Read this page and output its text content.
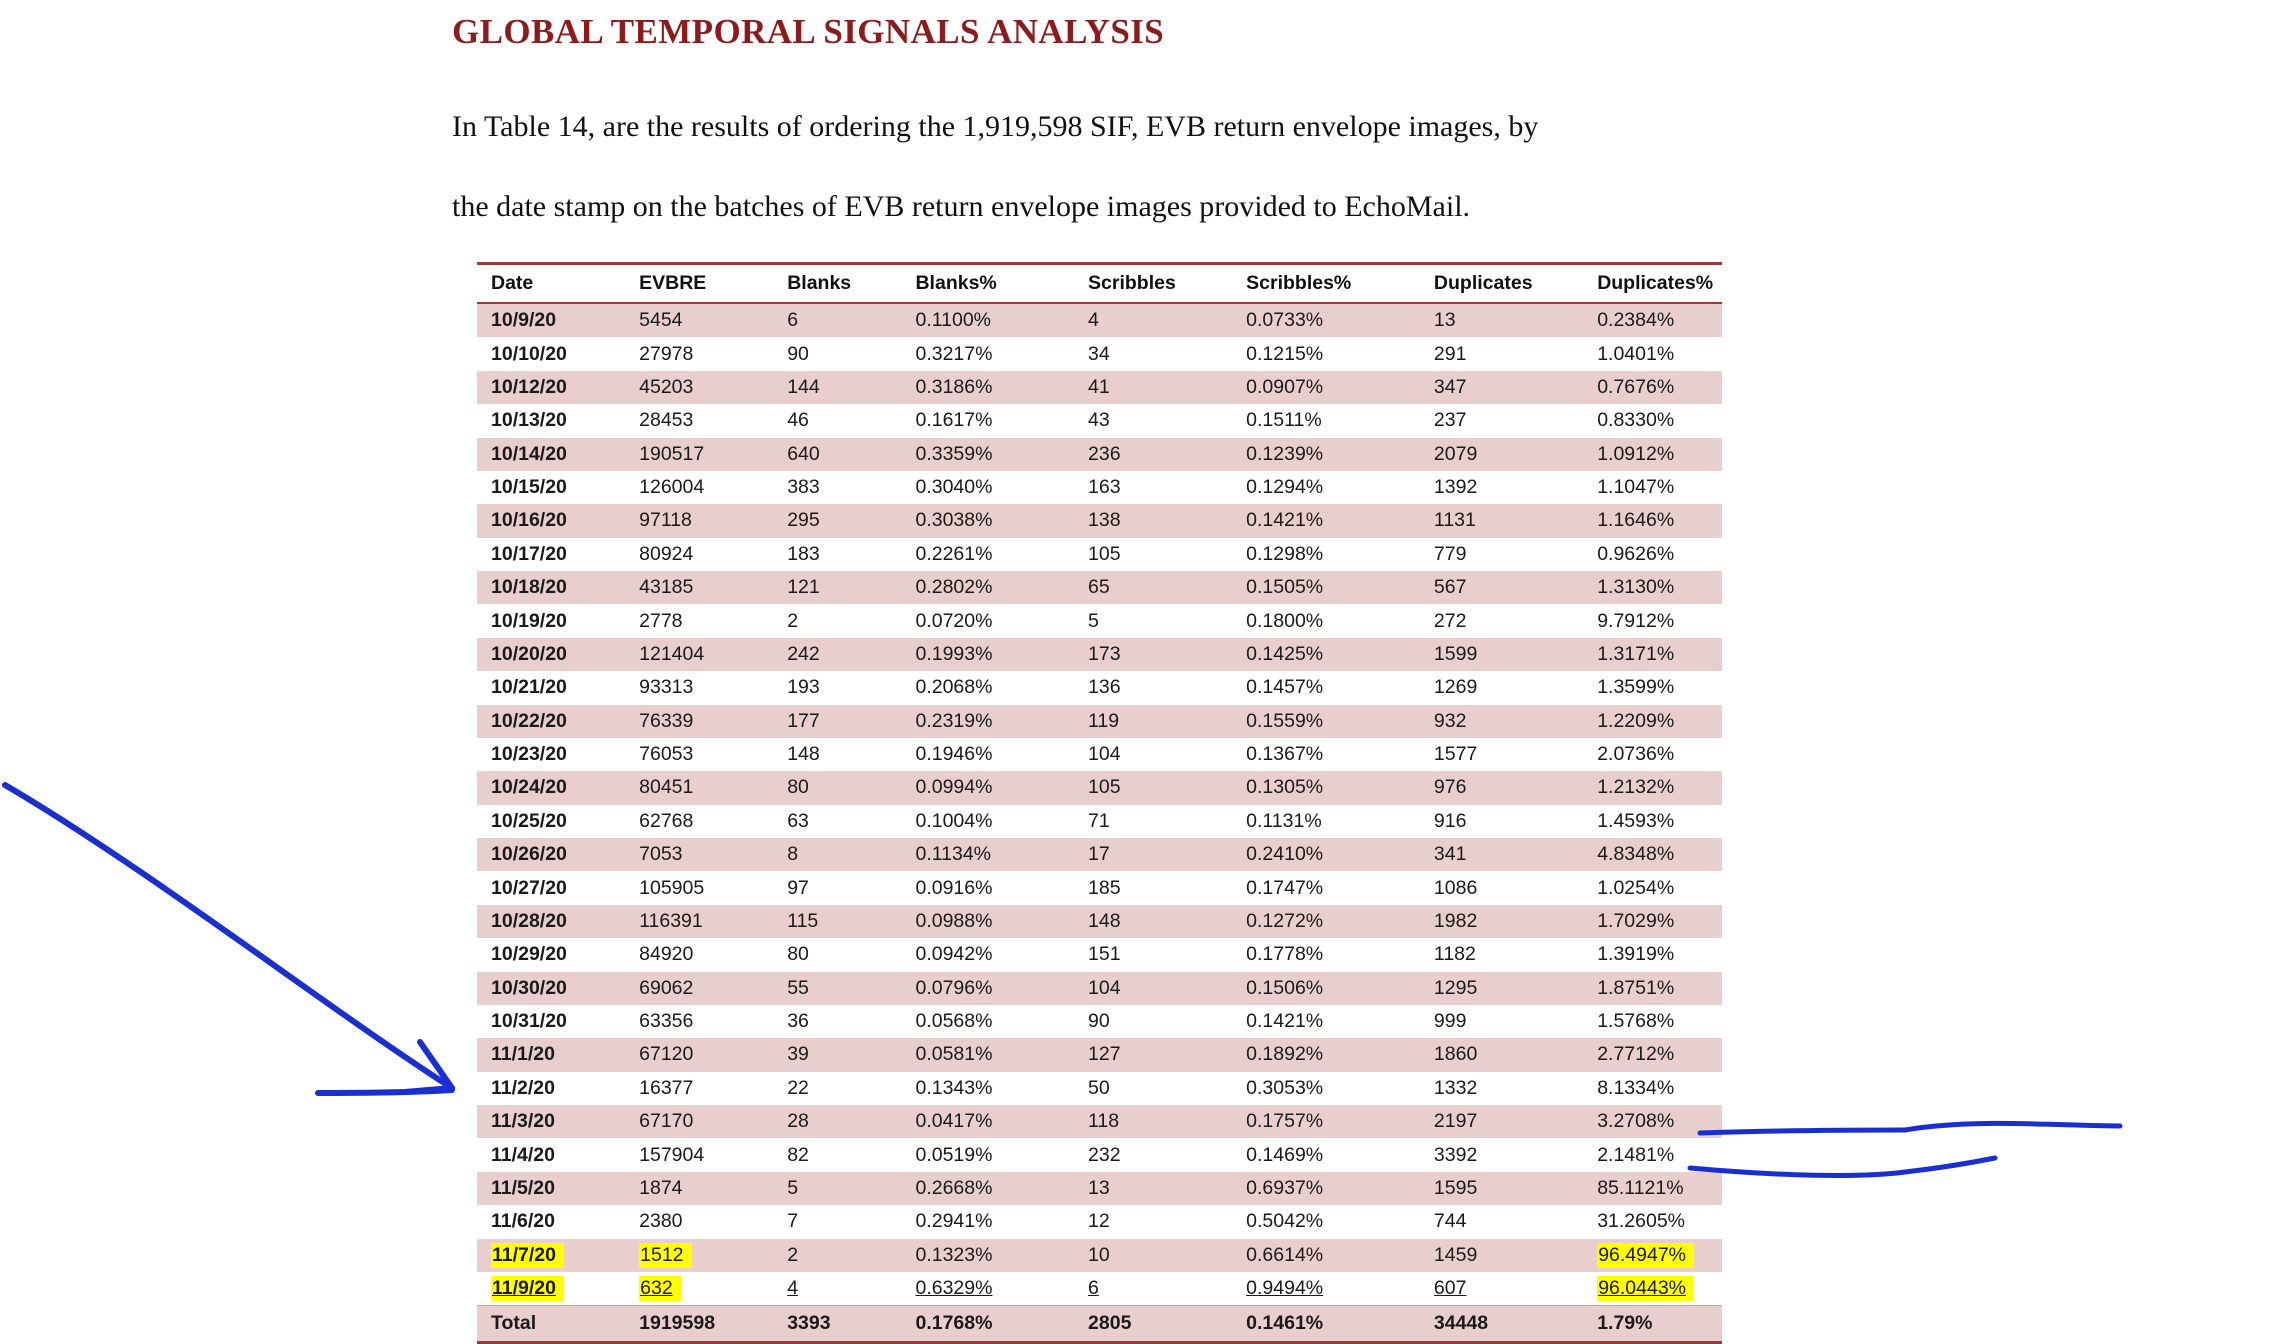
GLOBAL TEMPORAL SIGNALS ANALYSIS
In Table 14, are the results of ordering the 1,919,598 SIF, EVB return envelope images, by
the date stamp on the batches of EVB return envelope images provided to EchoMail.
Date	EVBRE	Blanks	Blanks%	Scribbles	Scribbles%	Duplicates	Duplicates%
10/9/20	5454	6	0.1100%	4	0.0733%	13	0.2384%
10/10/20	27978	90	0.3217%	34	0.1215%	291	1.0401%
10/12/20	45203	144	0.3186%	41	0.0907%	347	0.7676%
10/13/20	28453	46	0.1617%	43	0.1511%	237	0.8330%
10/14/20	190517	640	0.3359%	236	0.1239%	2079	1.0912%
10/15/20	126004	383	0.3040%	163	0.1294%	1392	1.1047%
10/16/20	97118	295	0.3038%	138	0.1421%	1131	1.1646%
10/17/20	80924	183	0.2261%	105	0.1298%	779	0.9626%
10/18/20	43185	121	0.2802%	65	0.1505%	567	1.3130%
10/19/20	2778	2	0.0720%	5	0.1800%	272	9.7912%
10/20/20	121404	242	0.1993%	173	0.1425%	1599	1.3171%
10/21/20	93313	193	0.2068%	136	0.1457%	1269	1.3599%
10/22/20	76339	177	0.2319%	119	0.1559%	932	1.2209%
10/23/20	76053	148	0.1946%	104	0.1367%	1577	2.0736%
10/24/20	80451	80	0.0994%	105	0.1305%	976	1.2132%
10/25/20	62768	63	0.1004%	71	0.1131%	916	1.4593%
10/26/20	7053	8	0.1134%	17	0.2410%	341	4.8348%
10/27/20	105905	97	0.0916%	185	0.1747%	1086	1.0254%
10/28/20	116391	115	0.0988%	148	0.1272%	1982	1.7029%
10/29/20	84920	80	0.0942%	151	0.1778%	1182	1.3919%
10/30/20	69062	55	0.0796%	104	0.1506%	1295	1.8751%
10/31/20	63356	36	0.0568%	90	0.1421%	999	1.5768%
11/1/20	67120	39	0.0581%	127	0.1892%	1860	2.7712%
11/2/20	16377	22	0.1343%	50	0.3053%	1332	8.1334%
11/3/20	67170	28	0.0417%	118	0.1757%	2197	3.2708%
11/4/20	157904	82	0.0519%	232	0.1469%	3392	2.1481%
11/5/20	1874	5	0.2668%	13	0.6937%	1595	85.1121%
11/6/20	2380	7	0.2941%	12	0.5042%	744	31.2605%
11/7/20	1512	2	0.1323%	10	0.6614%	1459	96.4947%
11/9/20	632	4	0.6329%	6	0.9494%	607	96.0443%
Total	1919598	3393	0.1768%	2805	0.1461%	34448	1.79%
